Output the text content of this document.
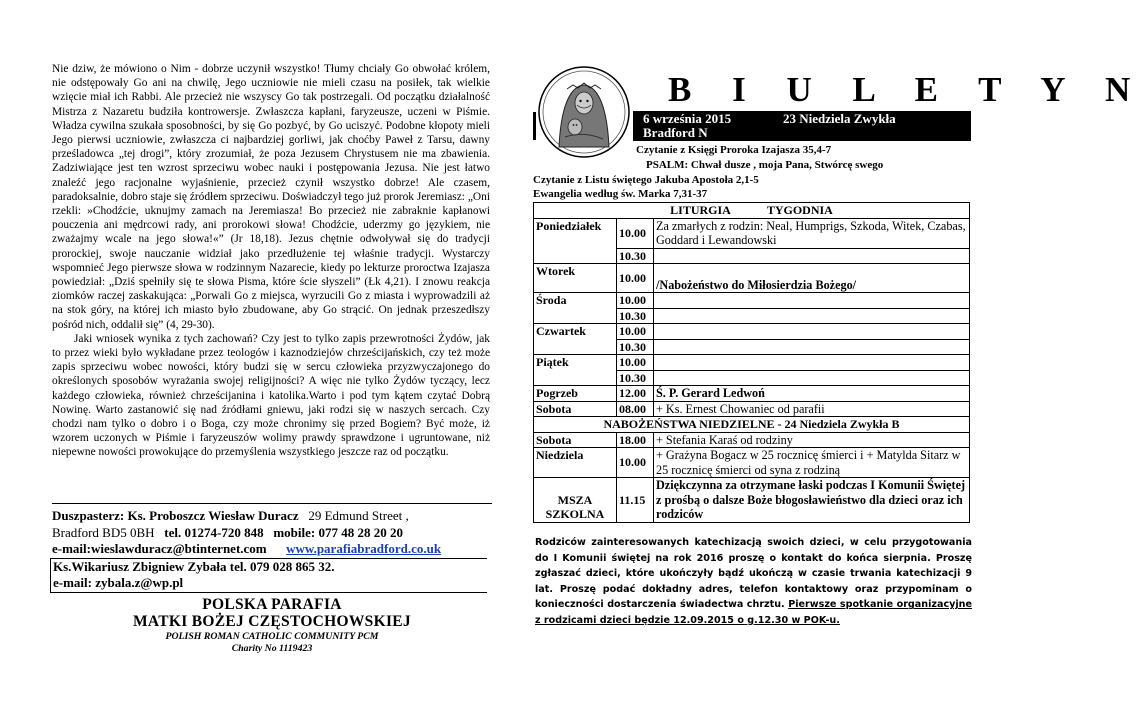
Nie dziw, że mówiono o Nim - dobrze uczynił wszystko! Tłumy chciały Go obwołać królem, nie odstępowały Go ani na chwilę, Jego uczniowie nie mieli czasu na posiłek, tak wielkie wzięcie miał ich Rabbi. Ale przecież nie wszyscy Go tak postrzegali. Od początku działalność Mistrza z Nazaretu budziła kontrowersje. Zwłaszcza kapłani, faryzeusze, uczeni w Piśmie. Władza cywilna szukała sposobności, by się Go pozbyć, by Go uciszyć. Podobne kłopoty mieli Jego pierwsi uczniowie, zwłaszcza ci najbardziej gorliwi, jak choćby Paweł z Tarsu, dawny prześladowca „tej drogi”, który zrozumiał, że poza Jezusem Chrystusem nie ma zbawienia. Zadziwiające jest ten wzrost sprzeciwu wobec nauki i postępowania Jezusa. Nie jest łatwo znaleźć jego racjonalne wyjaśnienie, przecież czynił wszystko dobrze! Ale czasem, paradoksalnie, dobro staje się źródłem sprzeciwu. Doświadczył tego już prorok Jeremiasz: „Oni rzekli: »Chodźcie, uknujmy zamach na Jeremiasza! Bo przecież nie zabraknie kapłanowi pouczenia ani mędrcowi rady, ani prorokowi słowa! Chodźcie, uderzmy go językiem, nie zważajmy wcale na jego słowa!«” (Jr 18,18). Jezus chętnie odwoływał się do tradycji prorockiej, swoje nauczanie widział jako przedłużenie tej właśnie tradycji. Wystarczy wspomnieć Jego pierwsze słowa w rodzinnym Nazarecie, kiedy po lekturze proroctwa Izajasza powiedział: „Dziś spełniły się te słowa Pisma, które ście słyszeli” (Łk 4,21). I znowu reakcja ziomków raczej zaskakująca: „Porwali Go z miejsca, wyrzucili Go z miasta i wyprowadzili aż na stok góry, na której ich miasto było zbudowane, aby Go strącić. On jednak przeszedłszy pośród nich, oddalił się” (4, 29-30).

Jaki wniosek wynika z tych zachowań? Czy jest to tylko zapis przewrotności Żydów, jak to przez wieki było wykładane przez teologów i kaznodziejów chrześcijańskich, czy też może zapis sprzeciwu wobec nowości, który budzi się w sercu człowieka przyzwyczajonego do określonych sposobów wyrażania swojej religijności? A więc nie tylko Żydów tyczący, lecz każdego człowieka, również chrześcijanina i katolika.Warto i pod tym kątem czytać Dobrą Nowinę. Warto zastanowić się nad źródłami gniewu, jaki rodzi się w naszych sercach. Czy chodzi nam tylko o dobro i o Boga, czy może chronimy się przed Bogiem? Być może, iż wzorem uczonych w Piśmie i faryzeuszów wolimy prawdy sprawdzone i ugruntowane, niż niepewne nowości prowokujące do przemyślenia wszystkiego jeszcze raz od początku.

Duszpasterz: Ks. Proboszcz Wiesław Duracz 29 Edmund Street ,
Bradford BD5 0BH tel. 01274-720 848 mobile: 077 48 28 20 20
e-mail:wieslawduracz@btinternet.com www.parafiabradford.co.uk
Ks.Wikariusz Zbigniew Zybała tel. 079 028 865 32.
e-mail: zybala.z@wp.pl
POLSKA PARAFIA
MATKI BOŻEJ CZĘSTOCHOWSKIEJ
POLISH ROMAN CATHOLIC COMMUNITY PCM
Charity No 1119423
B I U L E T Y N
6 września 2015	23 Niedziela Zwykła
Bradford N
Czytanie z Księgi Proroka Izajasza 35,4-7
PSALM: Chwał dusze , moja Pana, Stwórcę swego
Czytanie z Listu świętego Jakuba Apostoła 2,1-5
Ewangelia według św. Marka 7,31-37
LITURGIA TYGODNIA		
Poniedziałek	10.00	Za zmarłych z rodzin: Neal, Humprigs, Szkoda, Witek, Czabas, Goddard i Lewandowski
	10.30	
Wtorek	10.00	/Nabożeństwo do Miłosierdzia Bożego/
Środa	10.00	
	10.30	
Czwartek	10.00	
	10.30	
Piątek	10.00	
	10.30	
Pogrzeb	12.00	Ś. P. Gerard Ledwoń
Sobota	08.00	+ Ks. Ernest Chowaniec od parafii
NABOŻEŃSTWA NIEDZIELNE - 24 Niedziela Zwykła B		
Sobota	18.00	+ Stefania Karaś od rodziny
Niedziela	10.00	+ Grażyna Bogacz w 25 rocznicę śmierci i + Matylda Sitarz w 25 rocznicę śmierci od syna z rodziną
MSZA SZKOLNA	11.15	Dziękczynna za otrzymane łaski podczas I Komunii Świętej z prośbą o dalsze Boże błogosławieństwo dla dzieci oraz ich rodziców
Rodziców zainteresowanych katechizacją swoich dzieci, w celu przygotowania do I Komunii świętej na rok 2016 proszę o kontakt do końca sierpnia. Proszę zgłaszać dzieci, które ukończyły bądź ukończą w czasie trwania katechizacji 9 lat. Proszę podać dokładny adres, telefon kontaktowy oraz przypominam o konieczności dostarczenia świadectwa chrztu. Pierwsze spotkanie organizacyjne z rodzicami dzieci będzie 12.09.2015 o g.12.30 w POK-u.
